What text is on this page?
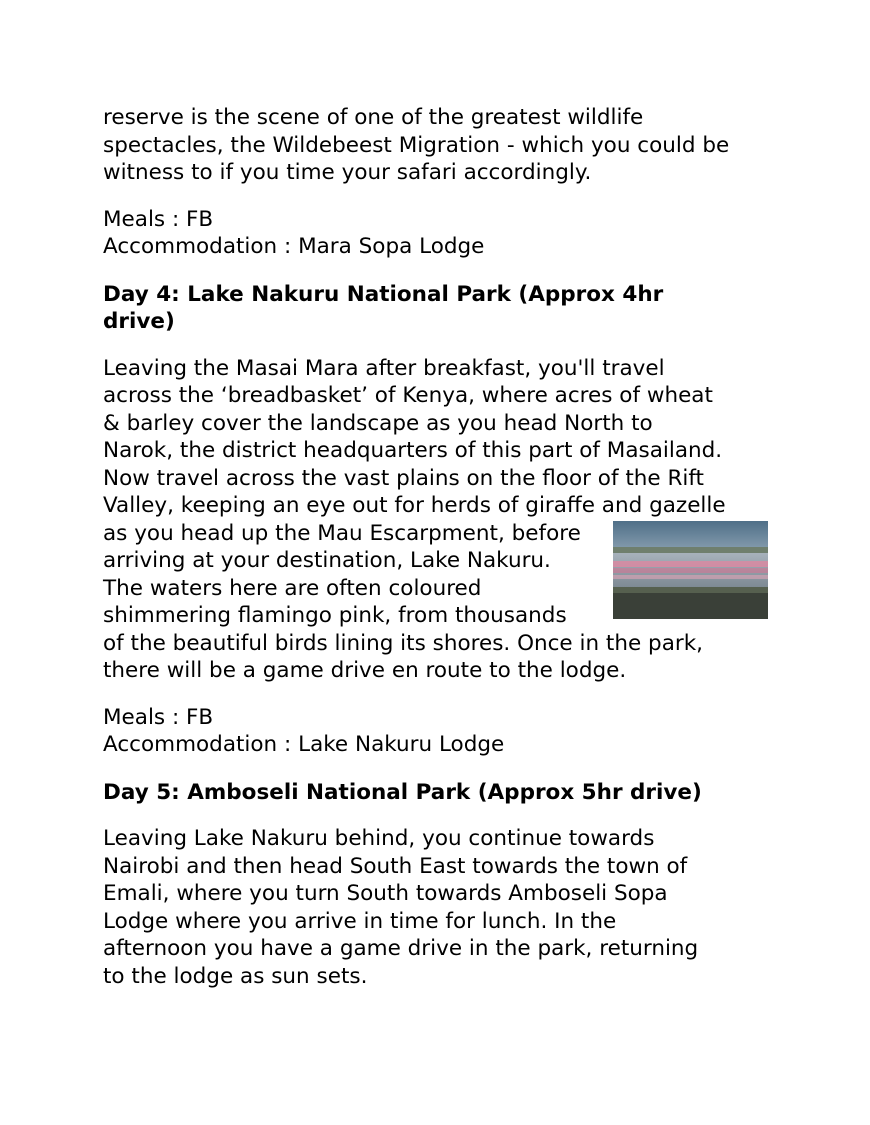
reserve is the scene of one of the greatest wildlife
spectacles, the Wildebeest Migration - which you could be
witness to if you time your safari accordingly.

Meals : FB
Accommodation : Mara Sopa Lodge

Day 4: Lake Nakuru National Park (Approx 4hr
drive)

Leaving the Masai Mara after breakfast, you'll travel
across the ‘breadbasket’ of Kenya, where acres of wheat
& barley cover the landscape as you head North to
Narok, the district headquarters of this part of Masailand.
Now travel across the vast plains on the floor of the Rift
Valley, keeping an eye out for herds of giraffe and gazelle
as you head up the Mau Escarpment, before
arriving at your destination, Lake Nakuru.
The waters here are often coloured
shimmering flamingo pink, from thousands
of the beautiful birds lining its shores. Once in the park,
there will be a game drive en route to the lodge.

Meals : FB
Accommodation : Lake Nakuru Lodge

Day 5: Amboseli National Park (Approx 5hr drive)

Leaving Lake Nakuru behind, you continue towards
Nairobi and then head South East towards the town of
Emali, where you turn South towards Amboseli Sopa
Lodge where you arrive in time for lunch. In the
afternoon you have a game drive in the park, returning
to the lodge as sun sets.
